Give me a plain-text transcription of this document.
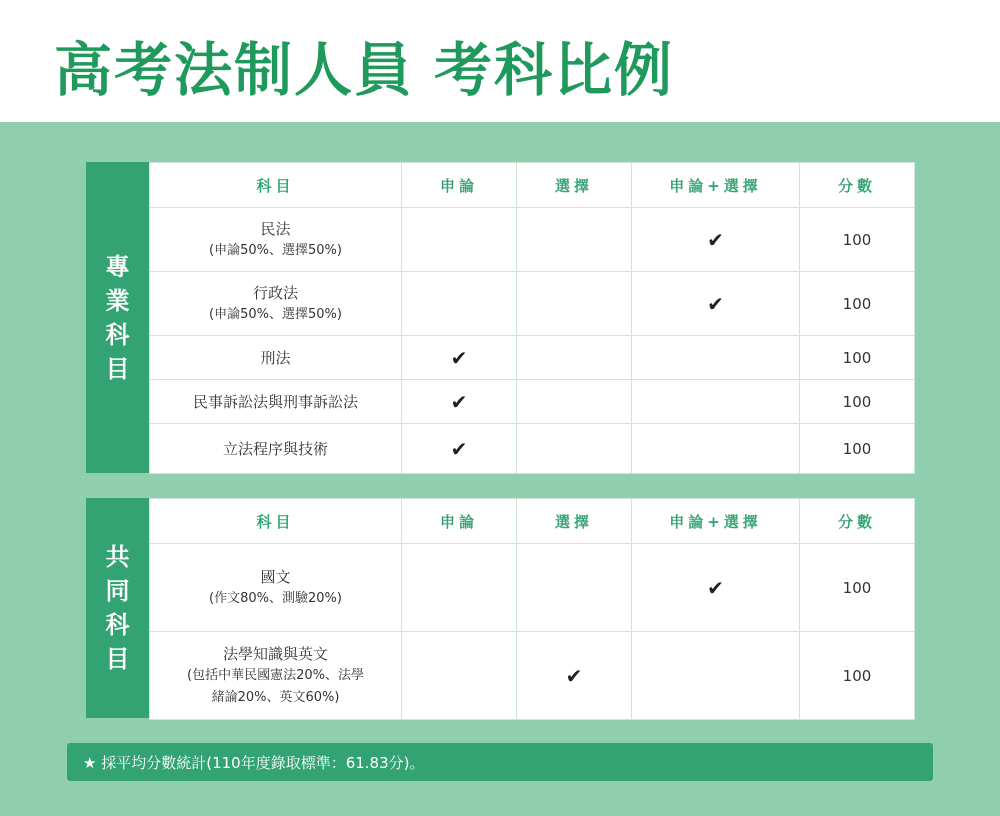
高考法制人員 考科比例
專業科目
科目	申論	選擇	申論+選擇	分數

民法
(申論50%、選擇50%)			✔	100

行政法
(申論50%、選擇50%)			✔	100

刑法	✔			100

民事訴訟法與刑事訴訟法	✔			100

立法程序與技術	✔			100
共同科目
科目	申論	選擇	申論+選擇	分數

國文
(作文80%、測驗20%)			✔	100

法學知識與英文
(包括中華民國憲法20%、法學緒論20%、英文60%)		✔		100
★ 採平均分數統計(110年度錄取標準：61.83分)。
